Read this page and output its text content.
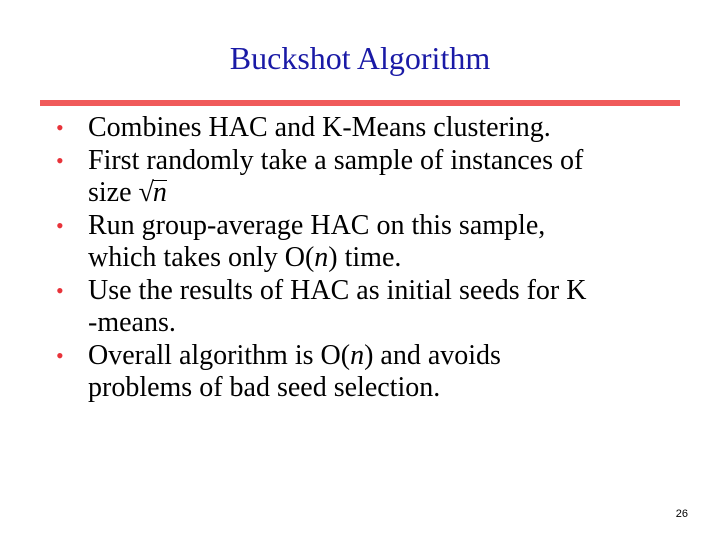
Buckshot Algorithm
• Combines HAC and K-Means clustering.
• First randomly take a sample of instances of
size √n
• Run group-average HAC on this sample,
which takes only O(n) time.
• Use the results of HAC as initial seeds for K
-means.
• Overall algorithm is O(n) and avoids
problems of bad seed selection.
26
